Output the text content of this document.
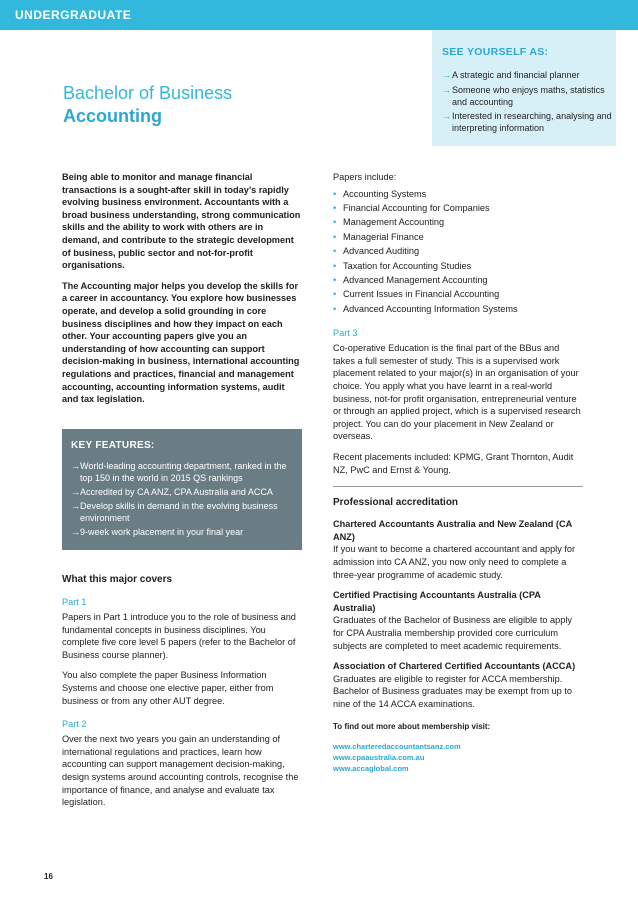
UNDERGRADUATE
SEE YOURSELF AS:
→ A strategic and financial planner
→ Someone who enjoys maths, statistics and accounting
→ Interested in researching, analysing and interpreting information
Bachelor of Business
Accounting

Being able to monitor and manage financial transactions is a sought-after skill in today’s rapidly evolving business environment. Accountants with a broad business understanding, strong communication skills and the ability to work with others are in demand, and contribute to the strategic development of business, public sector and not-for-profit organisations.

The Accounting major helps you develop the skills for a career in accountancy. You explore how businesses operate, and develop a solid grounding in core business disciplines and how they impact on each other. Your accounting papers give you an understanding of how accounting can support decision-making in business, international accounting regulations and practices, financial and management accounting, accounting information systems, audit and tax legislation.

KEY FEATURES:
→ World-leading accounting department, ranked in the top 150 in the world in 2015 QS rankings
→ Accredited by CA ANZ, CPA Australia and ACCA
→ Develop skills in demand in the evolving business environment
→ 9-week work placement in your final year
What this major covers
Part 1

Papers in Part 1 introduce you to the role of business and fundamental concepts in business disciplines. You complete five core level 5 papers (refer to the Bachelor of Business course planner).

You also complete the paper Business Information Systems and choose one elective paper, either from business or from any other AUT degree.

Part 2

Over the next two years you gain an understanding of international regulations and practices, learn how accounting can support management decision-making, design systems around accounting controls, recognise the importance of finance, and analyse and evaluate tax legislation.

Papers include:

• Accounting Systems
• Financial Accounting for Companies
• Management Accounting
• Managerial Finance
• Advanced Auditing
• Taxation for Accounting Studies
• Advanced Management Accounting
• Current Issues in Financial Accounting
• Advanced Accounting Information Systems
Part 3

Co-operative Education is the final part of the BBus and takes a full semester of study. This is a supervised work placement related to your major(s) in an organisation of your choice. You apply what you have learnt in a real-world business, not-for profit organisation, entrepreneurial venture or through an applied project, which is a supervised research project. You can do your placement in New Zealand or overseas.

Recent placements included: KPMG, Grant Thornton, Audit NZ, PwC and Ernst & Young.

Professional accreditation

Chartered Accountants Australia and New Zealand (CA ANZ)

If you want to become a chartered accountant and apply for admission into CA ANZ, you now only need to complete a three-year programme of academic study.

Certified Practising Accountants Australia (CPA Australia)

Graduates of the Bachelor of Business are eligible to apply for CPA Australia membership provided core curriculum subjects are completed to meet academic requirements.

Association of Chartered Certified Accountants (ACCA)

Graduates are eligible to register for ACCA membership. Bachelor of Business graduates may be exempt from up to nine of the 14 ACCA examinations.

To find out more about membership visit:

www.charteredaccountantsanz.com
www.cpaaustralia.com.au
www.accaglobal.com
16
